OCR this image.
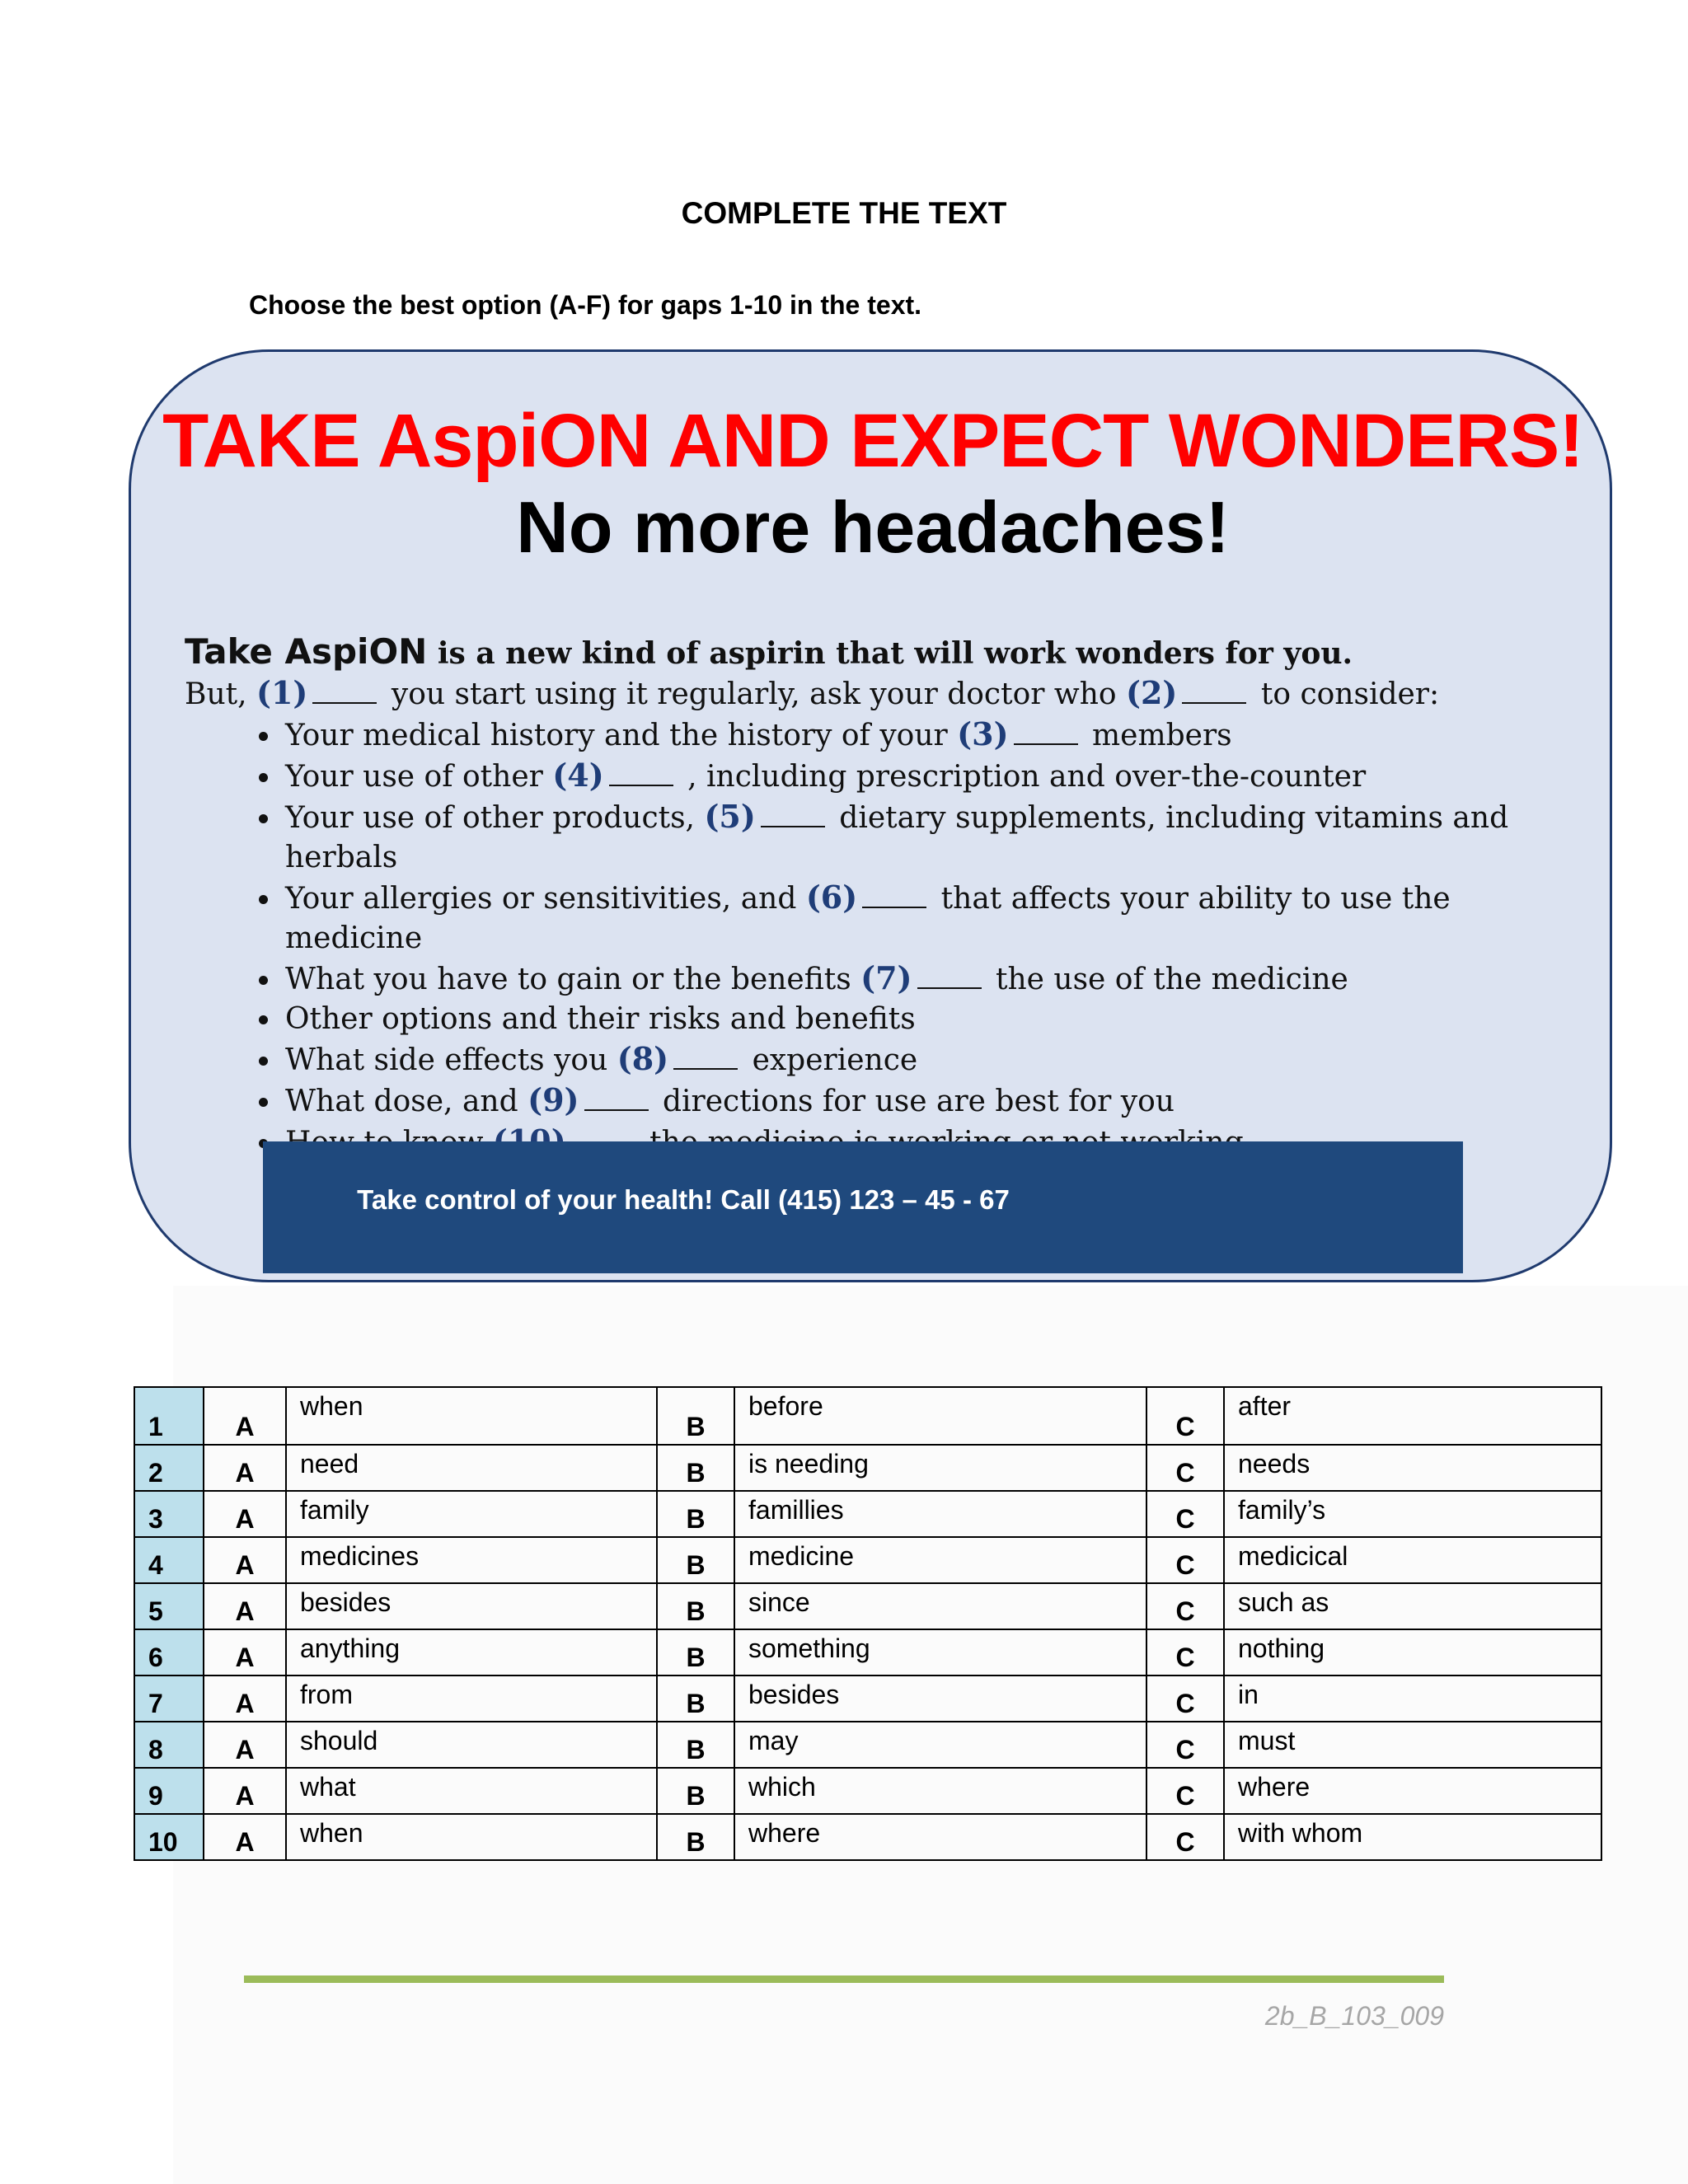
COMPLETE THE TEXT
Choose the best option (A-F) for gaps 1-10 in the text.
TAKE AspiON AND EXPECT WONDERS!
No more headaches!
Take AspiON is a new kind of aspirin that will work wonders for you.
But, (1)	you start using it regularly, ask your doctor who (2)	to consider:
• Your medical history and the history of your (3)	members
• Your use of other (4)	, including prescription and over-the-counter
• Your use of other products, (5)	dietary supplements, including vitamins and herbals
• Your allergies or sensitivities, and (6)	that affects your ability to use the medicine
• What you have to gain or the benefits (7)	the use of the medicine
• Other options and their risks and benefits
• What side effects you (8)	experience
• What dose, and (9)	directions for use are best for you
•
Take control of your health! Call (415) 123 – 45 - 67
1	A	when	B	before	C	after
2	A	need	B	is needing	C	needs
3	A	family	B	famillies	C	family’s
4	A	medicines	B	medicine	C	medicical
5	A	besides	B	since	C	such as
6	A	anything	B	something	C	nothing
7	A	from	B	besides	C	in
8	A	should	B	may	C	must
9	A	what	B	which	C	where
10	A	when	B	where	C	with whom
2b_B_103_009
